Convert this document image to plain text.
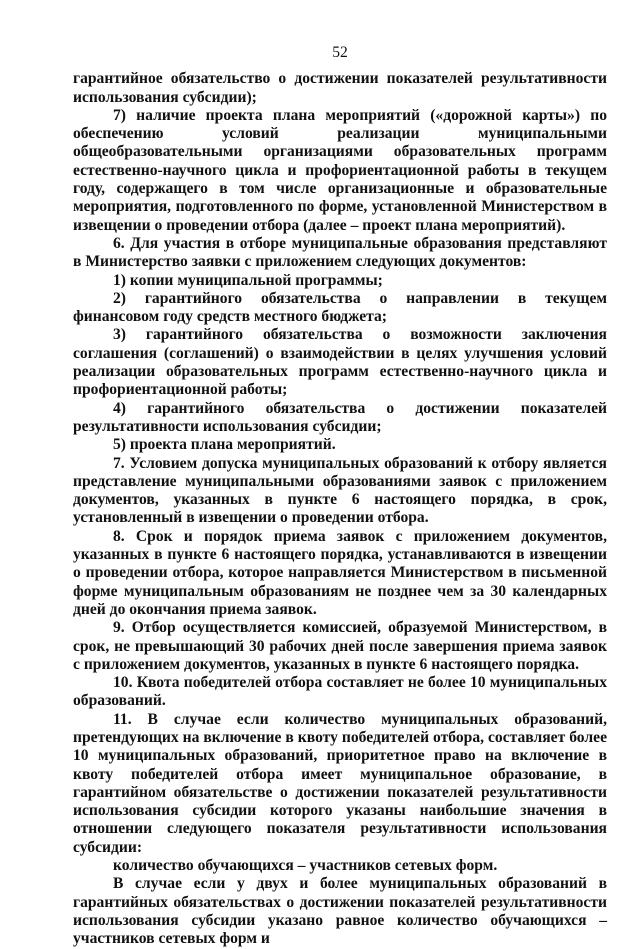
52

гарантийное обязательство о достижении показателей результативности использования субсидии);

7) наличие проекта плана мероприятий («дорожной карты») по обеспечению условий реализации муниципальными общеобразовательными организациями образовательных программ естественно-научного цикла и профориентационной работы в текущем году, содержащего в том числе организационные и образовательные мероприятия, подготовленного по форме, установленной Министерством в извещении о проведении отбора (далее – проект плана мероприятий).

6. Для участия в отборе муниципальные образования представляют в Министерство заявки с приложением следующих документов:

1) копии муниципальной программы;

2) гарантийного обязательства о направлении в текущем финансовом году средств местного бюджета;

3) гарантийного обязательства о возможности заключения соглашения (соглашений) о взаимодействии в целях улучшения условий реализации образовательных программ естественно-научного цикла и профориентационной работы;

4) гарантийного обязательства о достижении показателей результативности использования субсидии;

5) проекта плана мероприятий.

7. Условием допуска муниципальных образований к отбору является представление муниципальными образованиями заявок с приложением документов, указанных в пункте 6 настоящего порядка, в срок, установленный в извещении о проведении отбора.

8. Срок и порядок приема заявок с приложением документов, указанных в пункте 6 настоящего порядка, устанавливаются в извещении о проведении отбора, которое направляется Министерством в письменной форме муниципальным образованиям не позднее чем за 30 календарных дней до окончания приема заявок.

9. Отбор осуществляется комиссией, образуемой Министерством, в срок, не превышающий 30 рабочих дней после завершения приема заявок с приложением документов, указанных в пункте 6 настоящего порядка.

10. Квота победителей отбора составляет не более 10 муниципальных образований.

11. В случае если количество муниципальных образований, претендующих на включение в квоту победителей отбора, составляет более 10 муниципальных образований, приоритетное право на включение в квоту победителей отбора имеет муниципальное образование, в гарантийном обязательстве о достижении показателей результативности использования субсидии которого указаны наибольшие значения в отношении следующего показателя результативности использования субсидии:

количество обучающихся – участников сетевых форм.

В случае если у двух и более муниципальных образований в гарантийных обязательствах о достижении показателей результативности использования субсидии указано равное количество обучающихся – участников сетевых форм и
